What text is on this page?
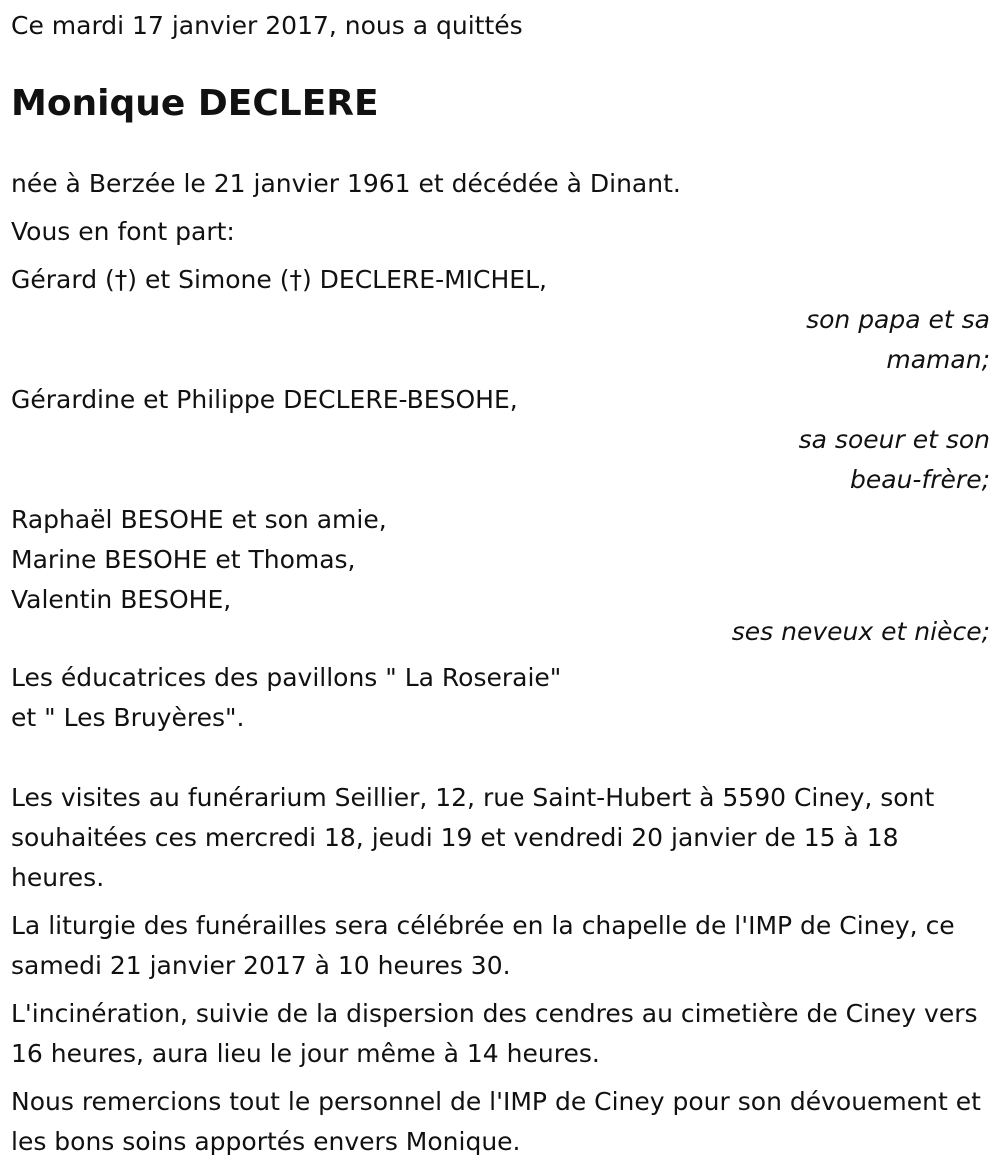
Ce mardi 17 janvier 2017, nous a quittés

Monique DECLERE

née à Berzée le 21 janvier 1961 et décédée à Dinant.

Vous en font part:

Gérard (†) et Simone (†) DECLERE-MICHEL,

son papa et sa maman;

Gérardine et Philippe DECLERE-BESOHE,

sa soeur et son beau-frère;

Raphaël BESOHE et son amie,

Marine BESOHE et Thomas,

Valentin BESOHE,

ses neveux et nièce;

Les éducatrices des pavillons " La Roseraie"

et " Les Bruyères".

Les visites au funérarium Seillier, 12, rue Saint-Hubert à 5590 Ciney, sont souhaitées ces mercredi 18, jeudi 19 et vendredi 20 janvier de 15 à 18 heures.

La liturgie des funérailles sera célébrée en la chapelle de l'IMP de Ciney, ce samedi 21 janvier 2017 à 10 heures 30.

L'incinération, suivie de la dispersion des cendres au cimetière de Ciney vers 16 heures, aura lieu le jour même à 14 heures.

Nous remercions tout le personnel de l'IMP de Ciney pour son dévouement et les bons soins apportés envers Monique.
